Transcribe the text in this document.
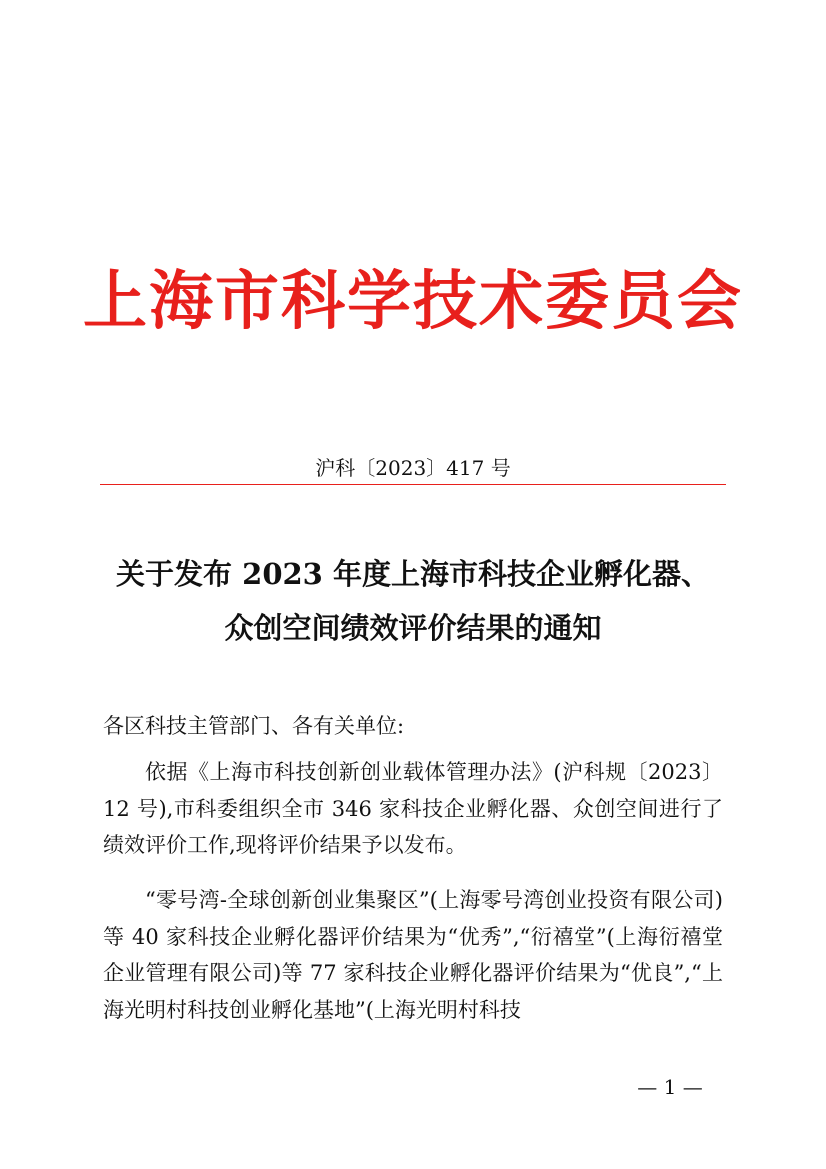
上海市科学技术委员会
沪科〔2023〕417 号
关于发布 2023 年度上海市科技企业孵化器、
众创空间绩效评价结果的通知
各区科技主管部门、各有关单位:
依据《上海市科技创新创业载体管理办法》(沪科规〔2023〕12 号),市科委组织全市 346 家科技企业孵化器、众创空间进行了绩效评价工作,现将评价结果予以发布。
“零号湾-全球创新创业集聚区”(上海零号湾创业投资有限公司)等 40 家科技企业孵化器评价结果为“优秀”,“衍禧堂”(上海衍禧堂企业管理有限公司)等 77 家科技企业孵化器评价结果为“优良”,“上海光明村科技创业孵化基地”(上海光明村科技
— 1 —
